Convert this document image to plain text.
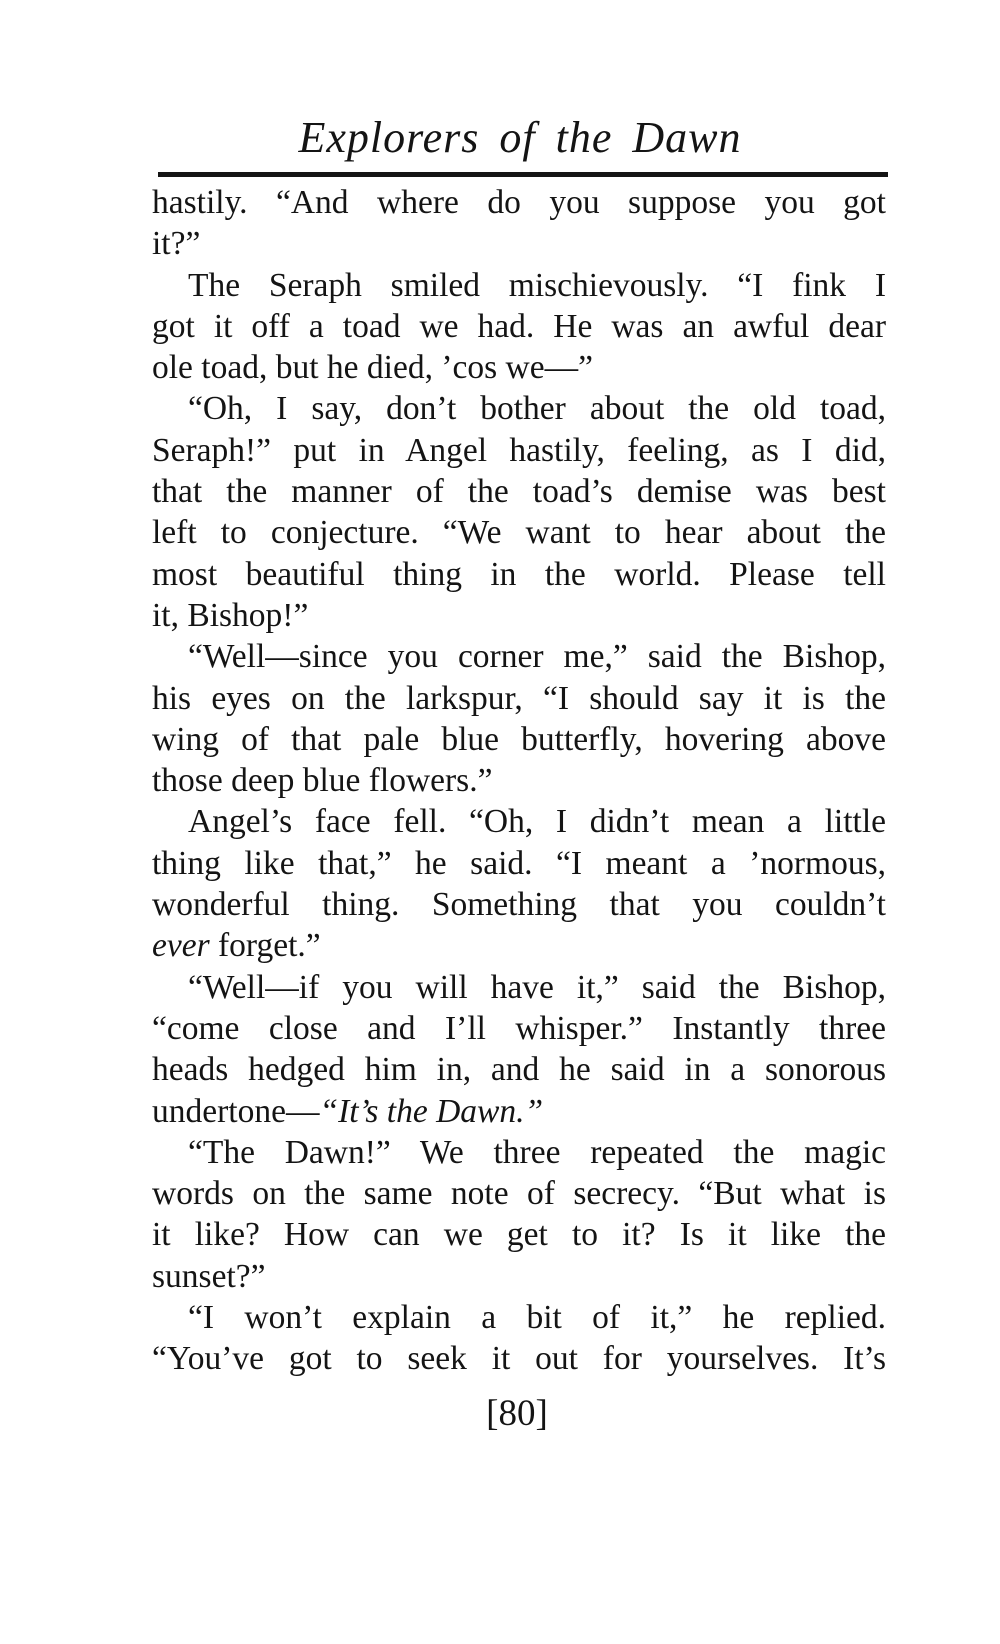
Explorers of the Dawn
hastily. “And where do you suppose you got
it?”
The Seraph smiled mischievously. “I fink I
got it off a toad we had. He was an awful dear
ole toad, but he died, ’cos we—”
“Oh, I say, don’t bother about the old toad,
Seraph!” put in Angel hastily, feeling, as I did,
that the manner of the toad’s demise was best
left to conjecture. “We want to hear about the
most beautiful thing in the world. Please tell
it, Bishop!”
“Well—since you corner me,” said the Bishop,
his eyes on the larkspur, “I should say it is the
wing of that pale blue butterfly, hovering above
those deep blue flowers.”
Angel’s face fell. “Oh, I didn’t mean a little
thing like that,” he said. “I meant a ’normous,
wonderful thing. Something that you couldn’t
ever forget.”
“Well—if you will have it,” said the Bishop,
“come close and I’ll whisper.” Instantly three
heads hedged him in, and he said in a sonorous
undertone—“It’s the Dawn.”
“The Dawn!” We three repeated the magic
words on the same note of secrecy. “But what is
it like? How can we get to it? Is it like the
sunset?”
“I won’t explain a bit of it,” he replied.
“You’ve got to seek it out for yourselves. It’s
[80]
